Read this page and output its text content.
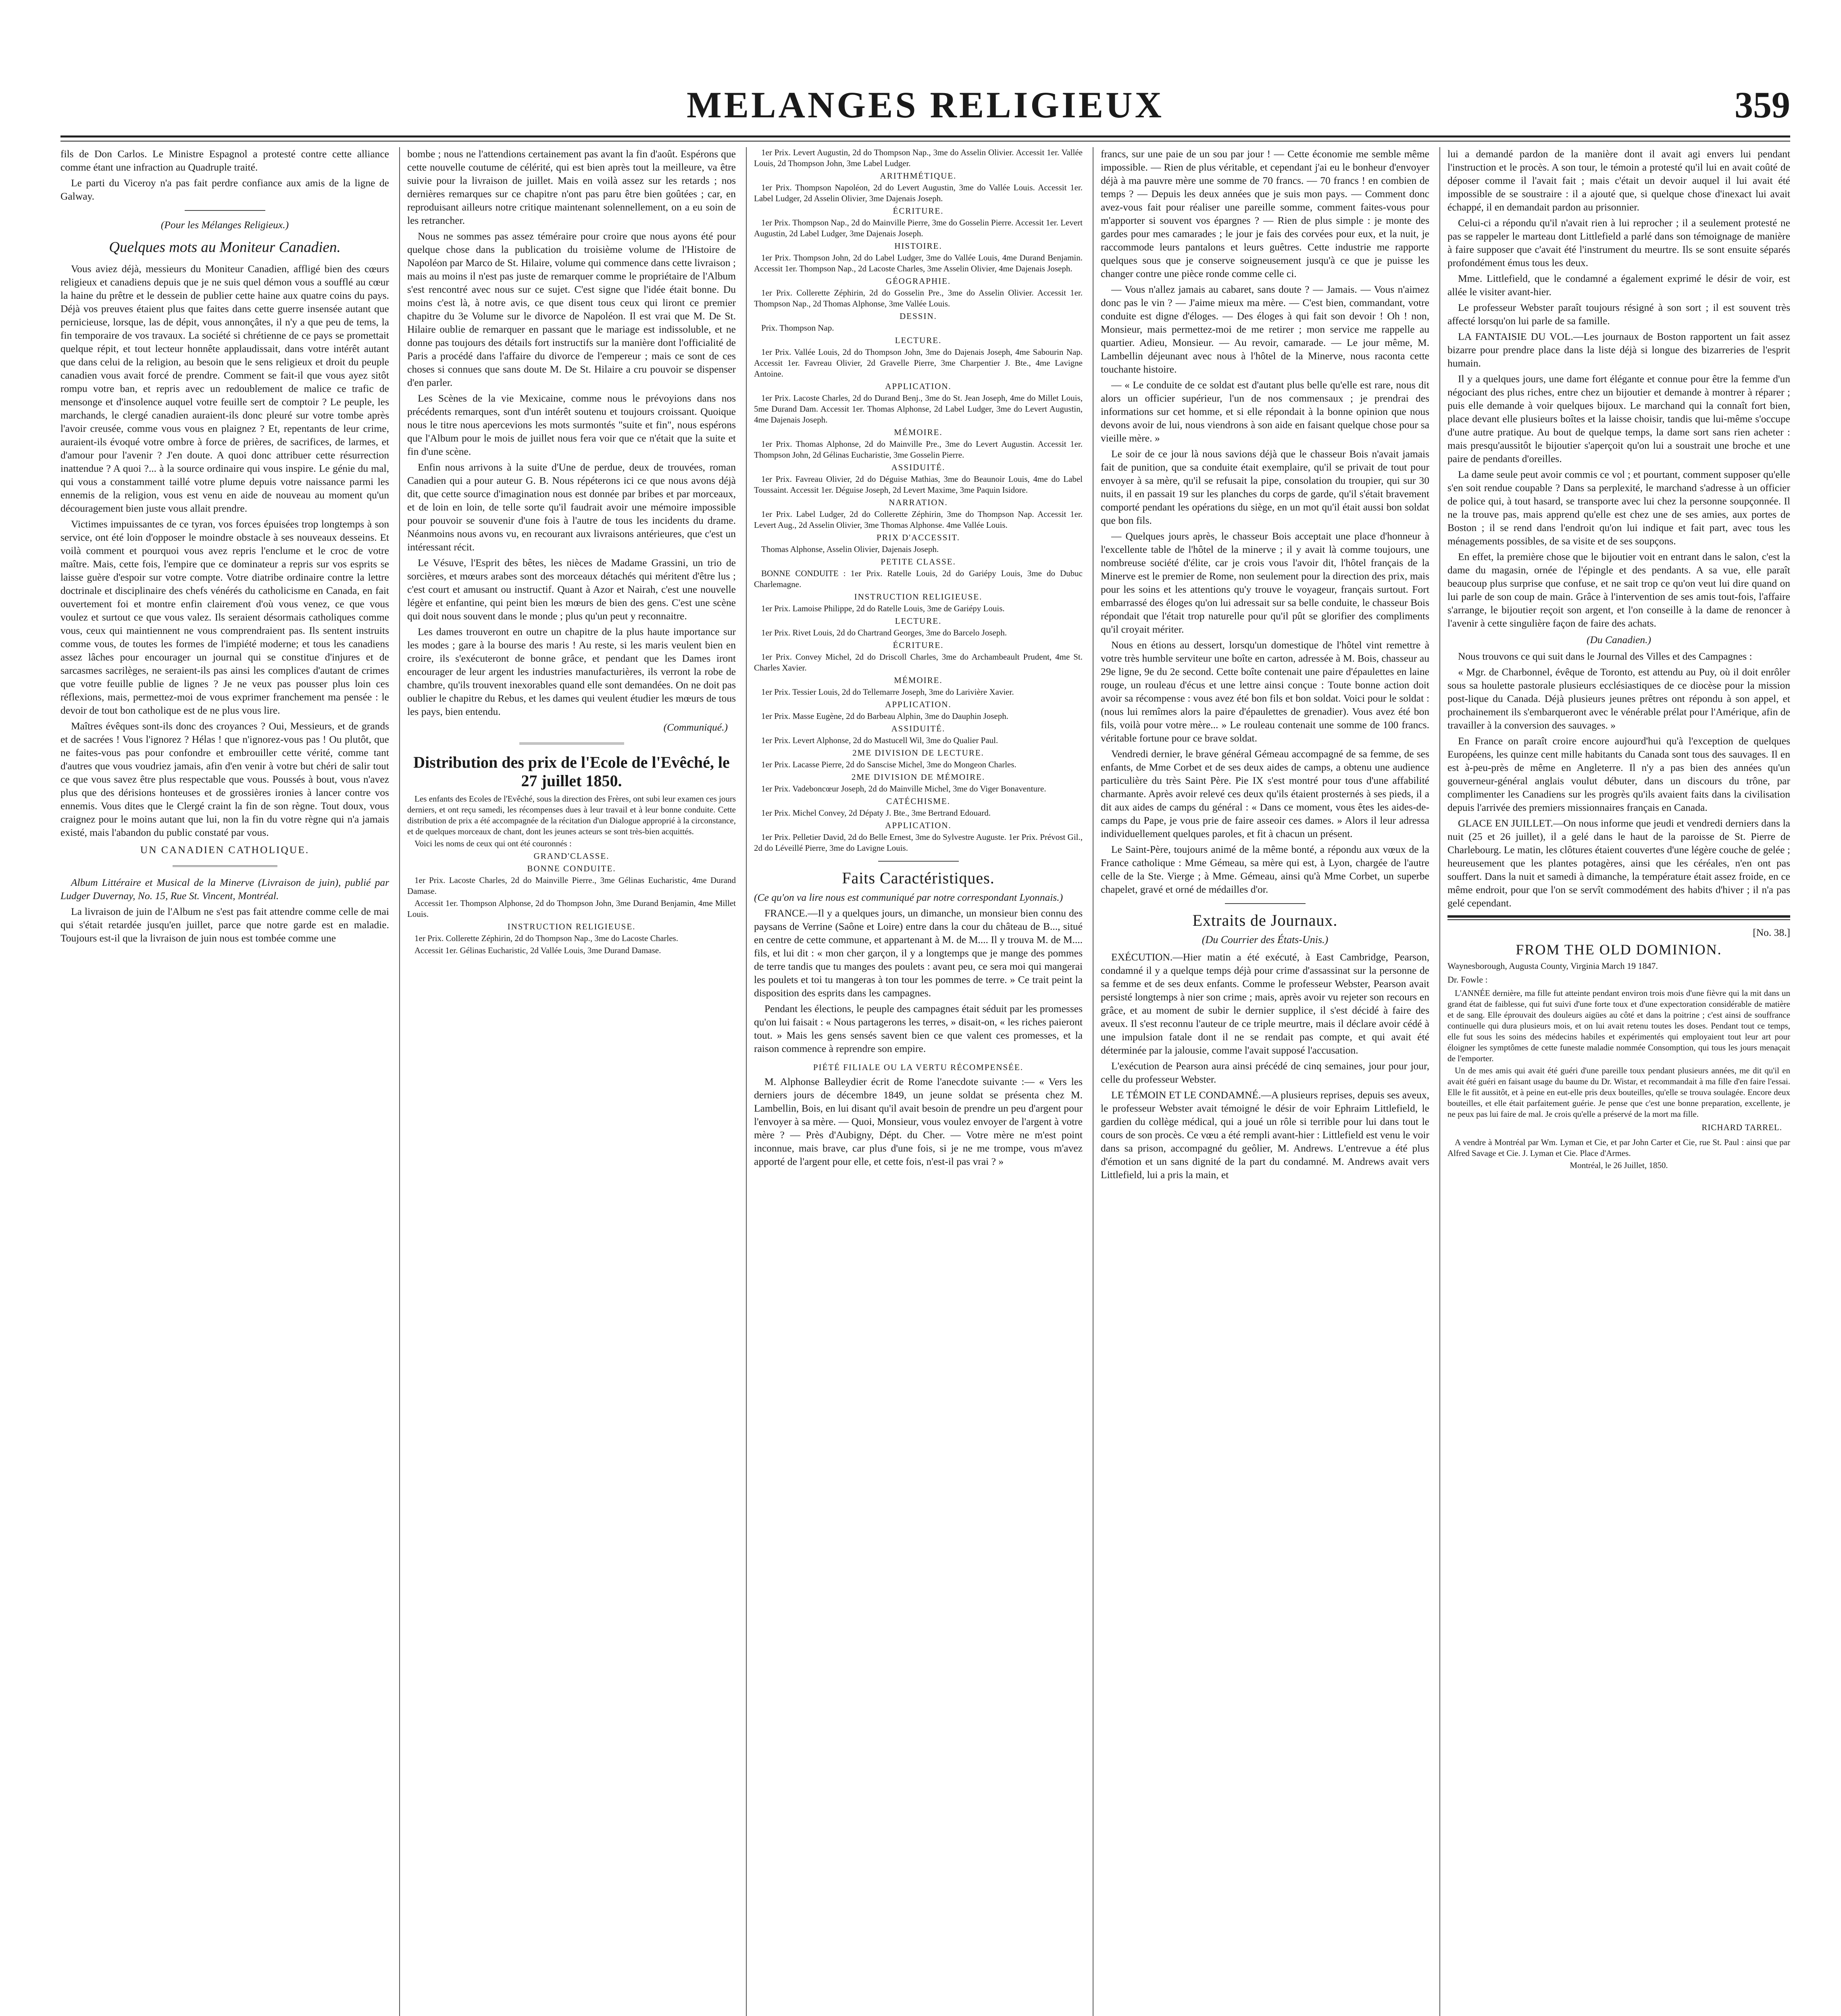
MELANGES RELIGIEUX	359

fils de Don Carlos. Le Ministre Espagnol a protesté contre cette alliance comme étant une infraction au Quadruple traité.

Le parti du Viceroy n'a pas fait perdre confiance aux amis de la ligne de Galway.

(Pour les Mélanges Religieux.)
Quelques mots au Moniteur Canadien.

Vous aviez déjà, messieurs du Moniteur Canadien, affligé bien des cœurs religieux et canadiens depuis que je ne suis quel démon vous a soufflé au cœur la haine du prêtre et le dessein de publier cette haine aux quatre coins du pays. Déjà vos preuves étaient plus que faites dans cette guerre insensée autant que pernicieuse, lorsque, las de dépit, vous annonçâtes, il n'y a que peu de tems, la fin temporaire de vos travaux. La société si chrétienne de ce pays se promettait quelque répit, et tout lecteur honnête applaudissait, dans votre intérêt autant que dans celui de la religion, au besoin que le sens religieux et droit du peuple canadien vous avait forcé de prendre. Comment se fait-il que vous ayez sitôt rompu votre ban, et repris avec un redoublement de malice ce trafic de mensonge et d'insolence auquel votre feuille sert de comptoir ? Le peuple, les marchands, le clergé canadien auraient-ils donc pleuré sur votre tombe après l'avoir creusée, comme vous vous en plaignez ? Et, repentants de leur crime, auraient-ils évoqué votre ombre à force de prières, de sacrifices, de larmes, et d'amour pour l'avenir ? J'en doute. A quoi donc attribuer cette résurrection inattendue ? A quoi ?... à la source ordinaire qui vous inspire. Le génie du mal, qui vous a constamment taillé votre plume depuis votre naissance parmi les ennemis de la religion, vous est venu en aide de nouveau au moment qu'un découragement bien juste vous allait prendre.

Victimes impuissantes de ce tyran, vos forces épuisées trop longtemps à son service, ont été loin d'opposer le moindre obstacle à ses nouveaux desseins. Et voilà comment et pourquoi vous avez repris l'enclume et le croc de votre maître. Mais, cette fois, l'empire que ce dominateur a repris sur vos esprits se laisse guère d'espoir sur votre compte. Votre diatribe ordinaire contre la lettre doctrinale et disciplinaire des chefs vénérés du catholicisme en Canada, en fait ouvertement foi et montre enfin clairement d'où vous venez, ce que vous voulez et surtout ce que vous valez. Ils seraient désormais catholiques comme vous, ceux qui maintiennent ne vous comprendraient pas. Ils sentent instruits comme vous, de toutes les formes de l'impiété moderne; et tous les canadiens assez lâches pour encourager un journal qui se constitue d'injures et de sarcasmes sacrilèges, ne seraient-ils pas ainsi les complices d'autant de crimes que votre feuille publie de lignes ? Je ne veux pas pousser plus loin ces réflexions, mais, permettez-moi de vous exprimer franchement ma pensée : le devoir de tout bon catholique est de ne plus vous lire.

Maîtres évêques sont-ils donc des croyances ? Oui, Messieurs, et de grands et de sacrées ! Vous l'ignorez ? Hélas ! que n'ignorez-vous pas ! Ou plutôt, que ne faites-vous pas pour confondre et embrouiller cette vérité, comme tant d'autres que vous voudriez jamais, afin d'en venir à votre but chéri de salir tout ce que vous savez être plus respectable que vous. Poussés à bout, vous n'avez plus que des dérisions honteuses et de grossières ironies à lancer contre vos ennemis. Vous dites que le Clergé craint la fin de son règne. Tout doux, vous craignez pour le moins autant que lui, non la fin du votre règne qui n'a jamais existé, mais l'abandon du public constaté par vous.

UN CANADIEN CATHOLIQUE.

Album Littéraire et Musical de la Minerve (Livraison de juin), publié par Ludger Duvernay, No. 15, Rue St. Vincent, Montréal.

La livraison de juin de l'Album ne s'est pas fait attendre comme celle de mai qui s'était retardée jusqu'en juillet, parce que notre garde est en maladie. Toujours est-il que la livraison de juin nous est tombée comme une

bombe ; nous ne l'attendions certainement pas avant la fin d'août. Espérons que cette nouvelle coutume de célérité, qui est bien après tout la meilleure, va être suivie pour la livraison de juillet. Mais en voilà assez sur les retards ; nos dernières remarques sur ce chapitre n'ont pas paru être bien goûtées ; car, en reproduisant ailleurs notre critique maintenant solennellement, on a eu soin de les retrancher.

Nous ne sommes pas assez téméraire pour croire que nous ayons été pour quelque chose dans la publication du troisième volume de l'Histoire de Napoléon par Marco de St. Hilaire, volume qui commence dans cette livraison ; mais au moins il n'est pas juste de remarquer comme le propriétaire de l'Album s'est rencontré avec nous sur ce sujet. C'est signe que l'idée était bonne. Du moins c'est là, à notre avis, ce que disent tous ceux qui liront ce premier chapitre du 3e Volume sur le divorce de Napoléon. Il est vrai que M. De St. Hilaire oublie de remarquer en passant que le mariage est indissoluble, et ne donne pas toujours des détails fort instructifs sur la manière dont l'officialité de Paris a procédé dans l'affaire du divorce de l'empereur ; mais ce sont de ces choses si connues que sans doute M. De St. Hilaire a cru pouvoir se dispenser d'en parler.

Les Scènes de la vie Mexicaine, comme nous le prévoyions dans nos précédents remarques, sont d'un intérêt soutenu et toujours croissant. Quoique nous le titre nous apercevions les mots surmontés "suite et fin", nous espérons que l'Album pour le mois de juillet nous fera voir que ce n'était que la suite et fin d'une scène.

Enfin nous arrivons à la suite d'Une de perdue, deux de trouvées, roman Canadien qui a pour auteur G. B. Nous répéterons ici ce que nous avons déjà dit, que cette source d'imagination nous est donnée par bribes et par morceaux, et de loin en loin, de telle sorte qu'il faudrait avoir une mémoire impossible pour pouvoir se souvenir d'une fois à l'autre de tous les incidents du drame. Néanmoins nous avons vu, en recourant aux livraisons antérieures, que c'est un intéressant récit.

Le Vésuve, l'Esprit des bêtes, les nièces de Madame Grassini, un trio de sorcières, et mœurs arabes sont des morceaux détachés qui méritent d'être lus ; c'est court et amusant ou instructif. Quant à Azor et Nairah, c'est une nouvelle légère et enfantine, qui peint bien les mœurs de bien des gens. C'est une scène qui doit nous souvent dans le monde ; plus qu'un peut y reconnaitre.

Les dames trouveront en outre un chapitre de la plus haute importance sur les modes ; gare à la bourse des maris ! Au reste, si les maris veulent bien en croire, ils s'exécuteront de bonne grâce, et pendant que les Dames iront encourager de leur argent les industries manufacturières, ils verront la robe de chambre, qu'ils trouvent inexorables quand elle sont demandées. On ne doit pas oublier le chapitre du Rebus, et les dames qui veulent étudier les mœurs de tous les pays, bien entendu.

(Communiqué.)
Distribution des prix de l'Ecole de l'Evêché, le 27 juillet 1850.

Les enfants des Ecoles de l'Evêché, sous la direction des Frères, ont subi leur examen ces jours derniers, et ont reçu samedi, les récompenses dues à leur travail et à leur bonne conduite. Cette distribution de prix a été accompagnée de la récitation d'un Dialogue approprié à la circonstance, et de quelques morceaux de chant, dont les jeunes acteurs se sont très-bien acquittés.

Voici les noms de ceux qui ont été couronnés :

GRAND'CLASSE.
BONNE CONDUITE.

1er Prix. Lacoste Charles, 2d do Mainville Pierre., 3me Gélinas Eucharistic, 4me Durand Damase.

Accessit 1er. Thompson Alphonse, 2d do Thompson John, 3me Durand Benjamin, 4me Millet Louis.

INSTRUCTION RELIGIEUSE.

1er Prix. Collerette Zéphirin, 2d do Thompson Nap., 3me do Lacoste Charles.

Accessit 1er. Gélinas Eucharistic, 2d Vallée Louis, 3me Durand Damase.

1er Prix. Levert Augustin, 2d do Thompson Nap., 3me do Asselin Olivier. Accessit 1er. Vallée Louis, 2d Thompson John, 3me Label Ludger.

ARITHMÉTIQUE.

1er Prix. Thompson Napoléon, 2d do Levert Augustin, 3me do Vallée Louis. Accessit 1er. Label Ludger, 2d Asselin Olivier, 3me Dajenais Joseph.

ÉCRITURE.

1er Prix. Thompson Nap., 2d do Mainville Pierre, 3me do Gosselin Pierre. Accessit 1er. Levert Augustin, 2d Label Ludger, 3me Dajenais Joseph.

HISTOIRE.

1er Prix. Thompson John, 2d do Label Ludger, 3me do Vallée Louis, 4me Durand Benjamin. Accessit 1er. Thompson Nap., 2d Lacoste Charles, 3me Asselin Olivier, 4me Dajenais Joseph.

GÉOGRAPHIE.

1er Prix. Collerette Zéphirin, 2d do Gosselin Pre., 3me do Asselin Olivier. Accessit 1er. Thompson Nap., 2d Thomas Alphonse, 3me Vallée Louis.

DESSIN.

Prix. Thompson Nap.

LECTURE.

1er Prix. Vallée Louis, 2d do Thompson John, 3me do Dajenais Joseph, 4me Sabourin Nap. Accessit 1er. Favreau Olivier, 2d Gravelle Pierre, 3me Charpentier J. Bte., 4me Lavigne Antoine.

APPLICATION.

1er Prix. Lacoste Charles, 2d do Durand Benj., 3me do St. Jean Joseph, 4me do Millet Louis, 5me Durand Dam. Accessit 1er. Thomas Alphonse, 2d Label Ludger, 3me do Levert Augustin, 4me Dajenais Joseph.

MÉMOIRE.

1er Prix. Thomas Alphonse, 2d do Mainville Pre., 3me do Levert Augustin. Accessit 1er. Thompson John, 2d Gélinas Eucharistie, 3me Gosselin Pierre.

ASSIDUITÉ.

1er Prix. Favreau Olivier, 2d do Déguise Mathias, 3me do Beaunoir Louis, 4me do Label Toussaint. Accessit 1er. Déguise Joseph, 2d Levert Maxime, 3me Paquin Isidore.

NARRATION.

1er Prix. Label Ludger, 2d do Collerette Zéphirin, 3me do Thompson Nap. Accessit 1er. Levert Aug., 2d Asselin Olivier, 3me Thomas Alphonse. 4me Vallée Louis.

PRIX D'ACCESSIT.

Thomas Alphonse, Asselin Olivier, Dajenais Joseph.

PETITE CLASSE.

BONNE CONDUITE : 1er Prix. Ratelle Louis, 2d do Gariépy Louis, 3me do Dubuc Charlemagne.

INSTRUCTION RELIGIEUSE.

1er Prix. Lamoise Philippe, 2d do Ratelle Louis, 3me de Gariépy Louis.

LECTURE.

1er Prix. Rivet Louis, 2d do Chartrand Georges, 3me do Barcelo Joseph.

ÉCRITURE.

1er Prix. Convey Michel, 2d do Driscoll Charles, 3me do Archambeault Prudent, 4me St. Charles Xavier.

MÉMOIRE.

1er Prix. Tessier Louis, 2d do Tellemarre Joseph, 3me do Larivière Xavier.

APPLICATION.

1er Prix. Masse Eugène, 2d do Barbeau Alphin, 3me do Dauphin Joseph.

ASSIDUITÉ.

1er Prix. Levert Alphonse, 2d do Mastucell Wil, 3me do Qualier Paul.

2ME DIVISION DE LECTURE.

1er Prix. Lacasse Pierre, 2d do Sanscise Michel, 3me do Mongeon Charles.

2ME DIVISION DE MÉMOIRE.

1er Prix. Vadeboncœur Joseph, 2d do Mainville Michel, 3me do Viger Bonaventure.

CATÉCHISME.

1er Prix. Michel Convey, 2d Dépaty J. Bte., 3me Bertrand Edouard.

APPLICATION.

1er Prix. Pelletier David, 2d do Belle Ernest, 3me do Sylvestre Auguste. 1er Prix. Prévost Gil., 2d do Léveillé Pierre, 3me do Lavigne Louis.

Faits Caractéristiques.

(Ce qu'on va lire nous est communiqué par notre correspondant Lyonnais.)

FRANCE.—Il y a quelques jours, un dimanche, un monsieur bien connu des paysans de Verrine (Saône et Loire) entre dans la cour du château de B..., situé en centre de cette commune, et appartenant à M. de M.... Il y trouva M. de M.... fils, et lui dit : « mon cher garçon, il y a longtemps que je mange des pommes de terre tandis que tu manges des poulets : avant peu, ce sera moi qui mangerai les poulets et toi tu mangeras à ton tour les pommes de terre. » Ce trait peint la disposition des esprits dans les campagnes.

Pendant les élections, le peuple des campagnes était séduit par les promesses qu'on lui faisait : « Nous partagerons les terres, » disait-on, « les riches paieront tout. » Mais les gens sensés savent bien ce que valent ces promesses, et la raison commence à reprendre son empire.

PIÉTÉ FILIALE OU LA VERTU RÉCOMPENSÉE.

M. Alphonse Balleydier écrit de Rome l'anecdote suivante :— « Vers les derniers jours de décembre 1849, un jeune soldat se présenta chez M. Lambellin, Bois, en lui disant qu'il avait besoin de prendre un peu d'argent pour l'envoyer à sa mère. — Quoi, Monsieur, vous voulez envoyer de l'argent à votre mère ? — Près d'Aubigny, Dépt. du Cher. — Votre mère ne m'est point inconnue, mais brave, car plus d'une fois, si je ne me trompe, vous m'avez apporté de l'argent pour elle, et cette fois, n'est-il pas vrai ? »

francs, sur une paie de un sou par jour ! — Cette économie me semble même impossible. — Rien de plus véritable, et cependant j'ai eu le bonheur d'envoyer déjà à ma pauvre mère une somme de 70 francs. — 70 francs ! en combien de temps ? — Depuis les deux années que je suis mon pays. — Comment donc avez-vous fait pour réaliser une pareille somme, comment faites-vous pour m'apporter si souvent vos épargnes ? — Rien de plus simple : je monte des gardes pour mes camarades ; le jour je fais des corvées pour eux, et la nuit, je raccommode leurs pantalons et leurs guêtres. Cette industrie me rapporte quelques sous que je conserve soigneusement jusqu'à ce que je puisse les changer contre une pièce ronde comme celle ci.

— Vous n'allez jamais au cabaret, sans doute ? — Jamais. — Vous n'aimez donc pas le vin ? — J'aime mieux ma mère. — C'est bien, commandant, votre conduite est digne d'éloges. — Des éloges à qui fait son devoir ! Oh ! non, Monsieur, mais permettez-moi de me retirer ; mon service me rappelle au quartier. Adieu, Monsieur. — Au revoir, camarade. — Le jour même, M. Lambellin déjeunant avec nous à l'hôtel de la Minerve, nous raconta cette touchante histoire.

— « Le conduite de ce soldat est d'autant plus belle qu'elle est rare, nous dit alors un officier supérieur, l'un de nos commensaux ; je prendrai des informations sur cet homme, et si elle répondait à la bonne opinion que nous devons avoir de lui, nous viendrons à son aide en faisant quelque chose pour sa vieille mère. »

Le soir de ce jour là nous savions déjà que le chasseur Bois n'avait jamais fait de punition, que sa conduite était exemplaire, qu'il se privait de tout pour envoyer à sa mère, qu'il se refusait la pipe, consolation du troupier, qui sur 30 nuits, il en passait 19 sur les planches du corps de garde, qu'il s'était bravement comporté pendant les opérations du siège, en un mot qu'il était aussi bon soldat que bon fils.

— Quelques jours après, le chasseur Bois acceptait une place d'honneur à l'excellente table de l'hôtel de la minerve ; il y avait là comme toujours, une nombreuse société d'élite, car je crois vous l'avoir dit, l'hôtel français de la Minerve est le premier de Rome, non seulement pour la direction des prix, mais pour les soins et les attentions qu'y trouve le voyageur, français surtout. Fort embarrassé des éloges qu'on lui adressait sur sa belle conduite, le chasseur Bois répondait que l'était trop naturelle pour qu'il pût se glorifier des compliments qu'il croyait mériter.

Nous en étions au dessert, lorsqu'un domestique de l'hôtel vint remettre à votre très humble serviteur une boîte en carton, adressée à M. Bois, chasseur au 29e ligne, 9e du 2e second. Cette boîte contenait une paire d'épaulettes en laine rouge, un rouleau d'écus et une lettre ainsi conçue : Toute bonne action doit avoir sa récompense : vous avez été bon fils et bon soldat. Voici pour le soldat : (nous lui remîmes alors la paire d'épaulettes de grenadier). Vous avez été bon fils, voilà pour votre mère... » Le rouleau contenait une somme de 100 francs. véritable fortune pour ce brave soldat.

Vendredi dernier, le brave général Gémeau accompagné de sa femme, de ses enfants, de Mme Corbet et de ses deux aides de camps, a obtenu une audience particulière du très Saint Père. Pie IX s'est montré pour tous d'une affabilité charmante. Après avoir relevé ces deux qu'ils étaient prosternés à ses pieds, il a dit aux aides de camps du général : « Dans ce moment, vous êtes les aides-de-camps du Pape, je vous prie de faire asseoir ces dames. » Alors il leur adressa individuellement quelques paroles, et fit à chacun un présent.

Le Saint-Père, toujours animé de la même bonté, a répondu aux vœux de la France catholique : Mme Gémeau, sa mère qui est, à Lyon, chargée de l'autre celle de la Ste. Vierge ; à Mme. Gémeau, ainsi qu'à Mme Corbet, un superbe chapelet, gravé et orné de médailles d'or.

Extraits de Journaux.
(Du Courrier des États-Unis.)

EXÉCUTION.—Hier matin a été exécuté, à East Cambridge, Pearson, condamné il y a quelque temps déjà pour crime d'assassinat sur la personne de sa femme et de ses deux enfants. Comme le professeur Webster, Pearson avait persisté longtemps à nier son crime ; mais, après avoir vu rejeter son recours en grâce, et au moment de subir le dernier supplice, il s'est décidé à faire des aveux. Il s'est reconnu l'auteur de ce triple meurtre, mais il déclare avoir cédé à une impulsion fatale dont il ne se rendait pas compte, et qui avait été déterminée par la jalousie, comme l'avait supposé l'accusation.

L'exécution de Pearson aura ainsi précédé de cinq semaines, jour pour jour, celle du professeur Webster.

LE TÉMOIN ET LE CONDAMNÉ.—A plusieurs reprises, depuis ses aveux, le professeur Webster avait témoigné le désir de voir Ephraim Littlefield, le gardien du collège médical, qui a joué un rôle si terrible pour lui dans tout le cours de son procès. Ce vœu a été rempli avant-hier : Littlefield est venu le voir dans sa prison, accompagné du geôlier, M. Andrews. L'entrevue a été plus d'émotion et un sans dignité de la part du condamné. M. Andrews avait vers Littlefield, lui a pris la main, et

lui a demandé pardon de la manière dont il avait agi envers lui pendant l'instruction et le procès. A son tour, le témoin a protesté qu'il lui en avait coûté de déposer comme il l'avait fait ; mais c'était un devoir auquel il lui avait été impossible de se soustraire : il a ajouté que, si quelque chose d'inexact lui avait échappé, il en demandait pardon au prisonnier.

Celui-ci a répondu qu'il n'avait rien à lui reprocher ; il a seulement protesté ne pas se rappeler le marteau dont Littlefield a parlé dans son témoignage de manière à faire supposer que c'avait été l'instrument du meurtre. Ils se sont ensuite séparés profondément émus tous les deux.

Mme. Littlefield, que le condamné a également exprimé le désir de voir, est allée le visiter avant-hier.

Le professeur Webster paraît toujours résigné à son sort ; il est souvent très affecté lorsqu'on lui parle de sa famille.

LA FANTAISIE DU VOL.—Les journaux de Boston rapportent un fait assez bizarre pour prendre place dans la liste déjà si longue des bizarreries de l'esprit humain.

Il y a quelques jours, une dame fort élégante et connue pour être la femme d'un négociant des plus riches, entre chez un bijoutier et demande à montrer à réparer ; puis elle demande à voir quelques bijoux. Le marchand qui la connaît fort bien, place devant elle plusieurs boîtes et la laisse choisir, tandis que lui-même s'occupe d'une autre pratique. Au bout de quelque temps, la dame sort sans rien acheter : mais presqu'aussitôt le bijoutier s'aperçoit qu'on lui a soustrait une broche et une paire de pendants d'oreilles.

La dame seule peut avoir commis ce vol ; et pourtant, comment supposer qu'elle s'en soit rendue coupable ? Dans sa perplexité, le marchand s'adresse à un officier de police qui, à tout hasard, se transporte avec lui chez la personne soupçonnée. Il ne la trouve pas, mais apprend qu'elle est chez une de ses amies, aux portes de Boston ; il se rend dans l'endroit qu'on lui indique et fait part, avec tous les ménagements possibles, de sa visite et de ses soupçons.

En effet, la première chose que le bijoutier voit en entrant dans le salon, c'est la dame du magasin, ornée de l'épingle et des pendants. A sa vue, elle paraît beaucoup plus surprise que confuse, et ne sait trop ce qu'on veut lui dire quand on lui parle de son coup de main. Grâce à l'intervention de ses amis tout-fois, l'affaire s'arrange, le bijoutier reçoit son argent, et l'on conseille à la dame de renoncer à l'avenir à cette singulière façon de faire des achats.

(Du Canadien.)

Nous trouvons ce qui suit dans le Journal des Villes et des Campagnes :

« Mgr. de Charbonnel, évêque de Toronto, est attendu au Puy, où il doit enrôler sous sa houlette pastorale plusieurs ecclésiastiques de ce diocèse pour la mission post-lique du Canada. Déjà plusieurs jeunes prêtres ont répondu à son appel, et prochainement ils s'embarqueront avec le vénérable prélat pour l'Amérique, afin de travailler à la conversion des sauvages. »

En France on paraît croire encore aujourd'hui qu'à l'exception de quelques Européens, les quinze cent mille habitants du Canada sont tous des sauvages. Il en est à-peu-près de même en Angleterre. Il n'y a pas bien des années qu'un gouverneur-général anglais voulut débuter, dans un discours du trône, par complimenter les Canadiens sur les progrès qu'ils avaient faits dans la civilisation depuis l'arrivée des premiers missionnaires français en Canada.

GLACE EN JUILLET.—On nous informe que jeudi et vendredi derniers dans la nuit (25 et 26 juillet), il a gelé dans le haut de la paroisse de St. Pierre de Charlebourg. Le matin, les clôtures étaient couvertes d'une légère couche de gelée ; heureusement que les plantes potagères, ainsi que les céréales, n'en ont pas souffert. Dans la nuit et samedi à dimanche, la température était assez froide, en ce même endroit, pour que l'on se servît commodément des habits d'hiver ; il n'a pas gelé cependant.

[No. 38.]
FROM THE OLD DOMINION.
Waynesborough, Augusta County, Virginia March 19 1847.
Dr. Fowle :

L'ANNÉE dernière, ma fille fut atteinte pendant environ trois mois d'une fièvre qui la mit dans un grand état de faiblesse, qui fut suivi d'une forte toux et d'une expectoration considérable de matière et de sang. Elle éprouvait des douleurs aigües au côté et dans la poitrine ; c'est ainsi de souffrance continuelle qui dura plusieurs mois, et on lui avait retenu toutes les doses. Pendant tout ce temps, elle fut sous les soins des médecins habiles et expérimentés qui employaient tout leur art pour éloigner les symptômes de cette funeste maladie nommée Consomption, qui tous les jours menaçait de l'emporter.

Un de mes amis qui avait été guéri d'une pareille toux pendant plusieurs années, me dit qu'il en avait été guéri en faisant usage du baume du Dr. Wistar, et recommandait à ma fille d'en faire l'essai. Elle le fit aussitôt, et à peine en eut-elle pris deux bouteilles, qu'elle se trouva soulagée. Encore deux bouteilles, et elle était parfaitement guérie. Je pense que c'est une bonne preparation, excellente, je ne peux pas lui faire de mal. Je crois qu'elle a préservé de la mort ma fille.

RICHARD TARREL.

A vendre à Montréal par Wm. Lyman et Cie, et par John Carter et Cie, rue St. Paul : ainsi que par Alfred Savage et Cie. J. Lyman et Cie. Place d'Armes.

Montréal, le 26 Juillet, 1850.
